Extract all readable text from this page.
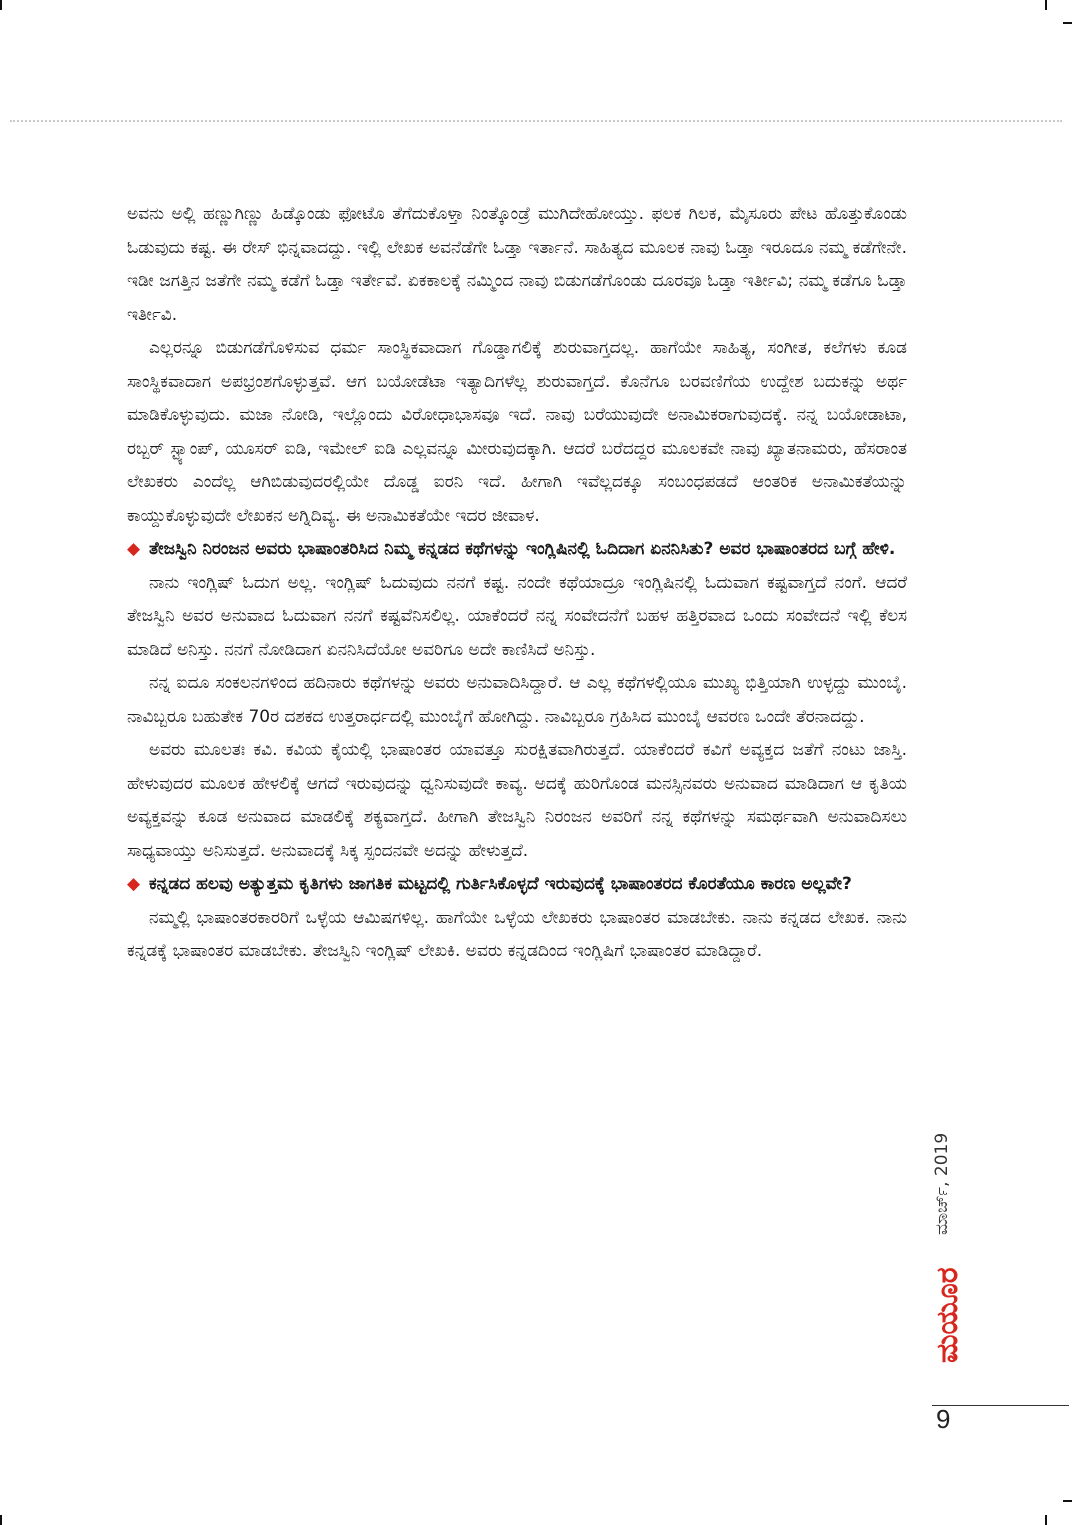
ಅವನು ಅಲ್ಲಿ ಹಣ್ಣುಗಿಣ್ಣು ಹಿಡ್ಕೊಂಡು ಫೋಟೊ ತೆಗೆದುಕೊಳ್ತಾ ನಿಂತ್ಕೊಂಡ್ರೆ ಮುಗಿದೇಹೋಯ್ತು. ಫಲಕ ಗಿಲಕ, ಮೈಸೂರು ಪೇಟ ಹೊತ್ತುಕೊಂಡು ಓಡುವುದು ಕಷ್ಟ. ಈ ರೇಸ್ ಭಿನ್ನವಾದದ್ದು. ಇಲ್ಲಿ ಲೇಖಕ ಅವನೆಡೆಗೇ ಓಡ್ತಾ ಇರ್ತಾನೆ. ಸಾಹಿತ್ಯದ ಮೂಲಕ ನಾವು ಓಡ್ತಾ ಇರೂದೂ ನಮ್ಮ ಕಡೆಗೇನೇ. ಇಡೀ ಜಗತ್ತಿನ ಜತೆಗೇ ನಮ್ಮ ಕಡೆಗೆ ಓಡ್ತಾ ಇರ್ತೇವೆ. ಏಕಕಾಲಕ್ಕೆ ನಮ್ಮಿಂದ ನಾವು ಬಿಡುಗಡೆಗೊಂಡು ದೂರವೂ ಓಡ್ತಾ ಇರ್ತೀವಿ; ನಮ್ಮ ಕಡೆಗೂ ಓಡ್ತಾ ಇರ್ತೀವಿ.

ಎಲ್ಲರನ್ನೂ ಬಿಡುಗಡೆಗೊಳಿಸುವ ಧರ್ಮ ಸಾಂಸ್ಥಿಕವಾದಾಗ ಗೊಡ್ಡಾಗಲಿಕ್ಕೆ ಶುರುವಾಗ್ತದಲ್ಲ. ಹಾಗೆಯೇ ಸಾಹಿತ್ಯ, ಸಂಗೀತ, ಕಲೆಗಳು ಕೂಡ ಸಾಂಸ್ಥಿಕವಾದಾಗ ಅಪಭ್ರಂಶಗೊಳ್ಳುತ್ತವೆ. ಆಗ ಬಯೋಡೆಟಾ ಇತ್ಯಾದಿಗಳೆಲ್ಲ ಶುರುವಾಗ್ತದೆ. ಕೊನೆಗೂ ಬರವಣಿಗೆಯ ಉದ್ದೇಶ ಬದುಕನ್ನು ಅರ್ಥ ಮಾಡಿಕೊಳ್ಳುವುದು. ಮಜಾ ನೋಡಿ, ಇಲ್ಲೊಂದು ವಿರೋಧಾಭಾಸವೂ ಇದೆ. ನಾವು ಬರೆಯುವುದೇ ಅನಾಮಿಕರಾಗುವುದಕ್ಕೆ. ನನ್ನ ಬಯೋಡಾಟಾ, ರಬ್ಬರ್ ಸ್ಟ್ಯಾಂಪ್, ಯೂಸರ್ ಐಡಿ, ಇಮೇಲ್ ಐಡಿ ಎಲ್ಲವನ್ನೂ ಮೀರುವುದಕ್ಕಾಗಿ. ಆದರೆ ಬರೆದದ್ದರ ಮೂಲಕವೇ ನಾವು ಖ್ಯಾತನಾಮರು, ಹೆಸರಾಂತ ಲೇಖಕರು ಎಂದೆಲ್ಲ ಆಗಿಬಿಡುವುದರಲ್ಲಿಯೇ ದೊಡ್ಡ ಐರನಿ ಇದೆ. ಹೀಗಾಗಿ ಇವೆಲ್ಲದಕ್ಕೂ ಸಂಬಂಧಪಡದೆ ಆಂತರಿಕ ಅನಾಮಿಕತೆಯನ್ನು ಕಾಯ್ದುಕೊಳ್ಳುವುದೇ ಲೇಖಕನ ಅಗ್ನಿದಿವ್ಯ. ಈ ಅನಾಮಿಕತೆಯೇ ಇದರ ಜೀವಾಳ.

◆ ತೇಜಸ್ವಿನಿ ನಿರಂಜನ ಅವರು ಭಾಷಾಂತರಿಸಿದ ನಿಮ್ಮ ಕನ್ನಡದ ಕಥೆಗಳನ್ನು ಇಂಗ್ಲಿಷಿನಲ್ಲಿ ಓದಿದಾಗ ಏನನಿಸಿತು? ಅವರ ಭಾಷಾಂತರದ ಬಗ್ಗೆ ಹೇಳಿ.

ನಾನು ಇಂಗ್ಲಿಷ್ ಓದುಗ ಅಲ್ಲ. ಇಂಗ್ಲಿಷ್ ಓದುವುದು ನನಗೆ ಕಷ್ಟ. ನಂದೇ ಕಥೆಯಾದ್ರೂ ಇಂಗ್ಲಿಷಿನಲ್ಲಿ ಓದುವಾಗ ಕಷ್ಟವಾಗ್ತದೆ ನಂಗೆ. ಆದರೆ ತೇಜಸ್ವಿನಿ ಅವರ ಅನುವಾದ ಓದುವಾಗ ನನಗೆ ಕಷ್ಟವೆನಿಸಲಿಲ್ಲ. ಯಾಕೆಂದರೆ ನನ್ನ ಸಂವೇದನೆಗೆ ಬಹಳ ಹತ್ತಿರವಾದ ಒಂದು ಸಂವೇದನೆ ಇಲ್ಲಿ ಕೆಲಸ ಮಾಡಿದೆ ಅನಿಸ್ತು. ನನಗೆ ನೋಡಿದಾಗ ಏನನಿಸಿದೆಯೋ ಅವರಿಗೂ ಅದೇ ಕಾಣಿಸಿದೆ ಅನಿಸ್ತು.

ನನ್ನ ಐದೂ ಸಂಕಲನಗಳಿಂದ ಹದಿನಾರು ಕಥೆಗಳನ್ನು ಅವರು ಅನುವಾದಿಸಿದ್ದಾರೆ. ಆ ಎಲ್ಲ ಕಥೆಗಳಲ್ಲಿಯೂ ಮುಖ್ಯ ಭಿತ್ತಿಯಾಗಿ ಉಳ್ಳದ್ದು ಮುಂಬೈ. ನಾವಿಬ್ಬರೂ ಬಹುತೇಕ 70ರ ದಶಕದ ಉತ್ತರಾರ್ಧದಲ್ಲಿ ಮುಂಬೈಗೆ ಹೋಗಿದ್ದು. ನಾವಿಬ್ಬರೂ ಗ್ರಹಿಸಿದ ಮುಂಬೈ ಆವರಣ ಒಂದೇ ತೆರನಾದದ್ದು.

ಅವರು ಮೂಲತಃ ಕವಿ. ಕವಿಯ ಕೈಯಲ್ಲಿ ಭಾಷಾಂತರ ಯಾವತ್ತೂ ಸುರಕ್ಷಿತವಾಗಿರುತ್ತದೆ. ಯಾಕೆಂದರೆ ಕವಿಗೆ ಅವ್ಯಕ್ತದ ಜತೆಗೆ ನಂಟು ಜಾಸ್ತಿ. ಹೇಳುವುದರ ಮೂಲಕ ಹೇಳಲಿಕ್ಕೆ ಆಗದೆ ಇರುವುದನ್ನು ಧ್ವನಿಸುವುದೇ ಕಾವ್ಯ. ಅದಕ್ಕೆ ಹುರಿಗೊಂಡ ಮನಸ್ಸಿನವರು ಅನುವಾದ ಮಾಡಿದಾಗ ಆ ಕೃತಿಯ ಅವ್ಯಕ್ತವನ್ನು ಕೂಡ ಅನುವಾದ ಮಾಡಲಿಕ್ಕೆ ಶಕ್ಯವಾಗ್ತದೆ. ಹೀಗಾಗಿ ತೇಜಸ್ವಿನಿ ನಿರಂಜನ ಅವರಿಗೆ ನನ್ನ ಕಥೆಗಳನ್ನು ಸಮರ್ಥವಾಗಿ ಅನುವಾದಿಸಲು ಸಾಧ್ಯವಾಯ್ತು ಅನಿಸುತ್ತದೆ. ಅನುವಾದಕ್ಕೆ ಸಿಕ್ಕ ಸ್ಪಂದನವೇ ಅದನ್ನು ಹೇಳುತ್ತದೆ.

◆ ಕನ್ನಡದ ಹಲವು ಅತ್ಯುತ್ತಮ ಕೃತಿಗಳು ಜಾಗತಿಕ ಮಟ್ಟದಲ್ಲಿ ಗುರ್ತಿಸಿಕೊಳ್ಳದೆ ಇರುವುದಕ್ಕೆ ಭಾಷಾಂತರದ ಕೊರತೆಯೂ ಕಾರಣ ಅಲ್ಲವೇ?

ನಮ್ಮಲ್ಲಿ ಭಾಷಾಂತರಕಾರರಿಗೆ ಒಳ್ಳೆಯ ಆಮಿಷಗಳಿಲ್ಲ. ಹಾಗೆಯೇ ಒಳ್ಳೆಯ ಲೇಖಕರು ಭಾಷಾಂತರ ಮಾಡಬೇಕು. ನಾನು ಕನ್ನಡದ ಲೇಖಕ. ನಾನು ಕನ್ನಡಕ್ಕೆ ಭಾಷಾಂತರ ಮಾಡಬೇಕು. ತೇಜಸ್ವಿನಿ ಇಂಗ್ಲಿಷ್ ಲೇಖಕಿ. ಅವರು ಕನ್ನಡದಿಂದ ಇಂಗ್ಲಿಷಿಗೆ ಭಾಷಾಂತರ ಮಾಡಿದ್ದಾರೆ.

ಮಾರ್ಚ್, 2019
ಮಯೂರ
9
